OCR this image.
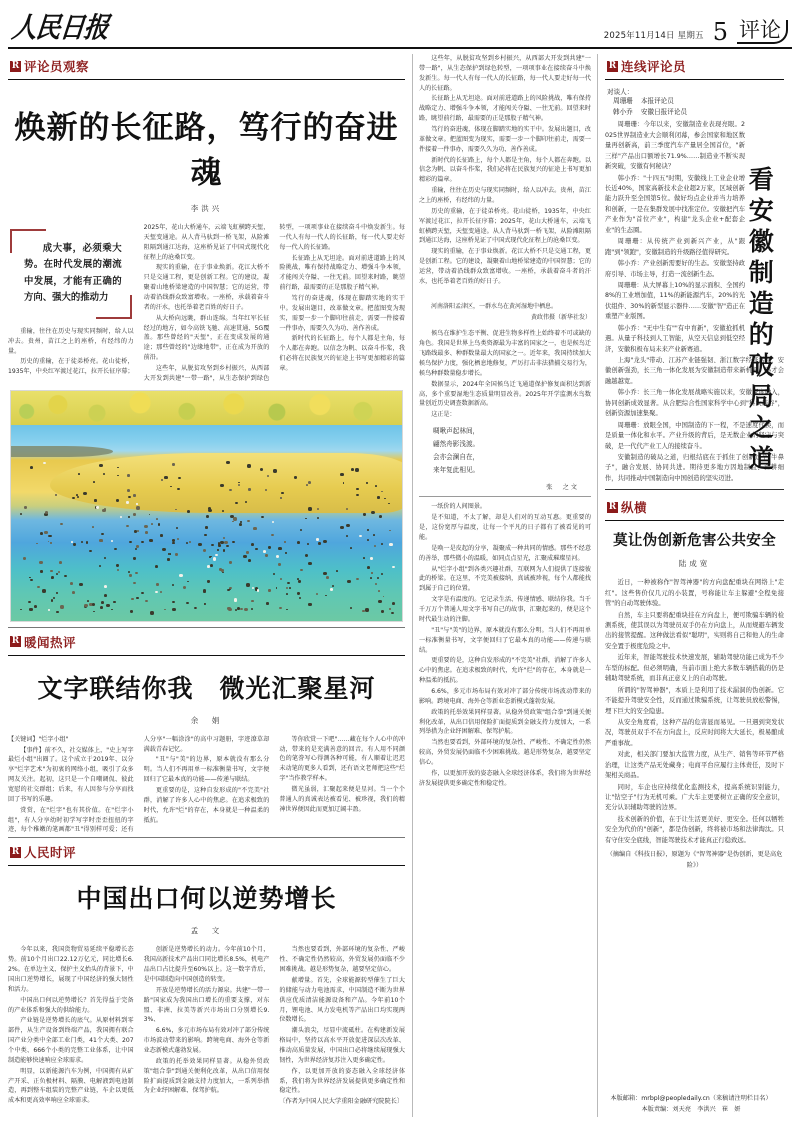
人民日报	2025年11月14日 星期五 5 评论
R 评论员观察
焕新的长征路，笃行的奋进魂
李洪兴
成大事，必须乘大势。在时代发展的潮流中发展，才能有正确的方向、强大的推动力

重输，往往在历史与现实同频时，给人以冲去。贵州，苗江之上的座桥，有经纬的力量。

历史的重输，在于徒弟桥亮。花山徒桥，1935年，中央红军渡过花江，拉开长征序幕；2025年，花山大桥通车，云端飞虹横跨天堑，天堑变通途。从人背马驮到一桥飞架，从险滩阻隔到通江达海，这座桥见证了中国式现代化征程上的沧桑巨变。

现实的重输，在于事业焕新。花江大桥不只是交通工程，更是创新工程。它的建设，凝聚着山地桥梁建造的中国智慧；它的运营，带动着沿线群众致富增收。一座桥，承载着奋斗者的汗水，也托举着老百姓的好日子。

从大桥向远眺，群山连绵。当年红军长征经过的地方，如今高铁飞驰、高速贯通、5G覆盖。那些曾经的"天堑"，正在变成发展的通途；那些曾经的"边缘地带"，正在成为开放的前沿。

这些年，从脱贫攻坚到乡村振兴，从西部大开发到共建"一带一路"，从生态保护到绿色转型，一项项事业在接续奋斗中焕发新生。每一代人有每一代人的长征路，每一代人要走好每一代人的长征路。

长征路上从无坦途。面对前进道路上的风险挑战，唯有保持战略定力、增强斗争本领，才能闯关夺隘、一往无前。回望来时路，眺望前行路，最需要的正是那股子精气神。

笃行的奋进魂，体现在脚踏实地的实干中。发展出题目，改革做文章。把蓝图变为现实，需要一步一个脚印往前走，需要一件接着一件事办，需要久久为功、善作善成。

新时代的长征路上，每个人都是主角，每个人都在奔跑。以信念为帆、以奋斗作桨，我们必将在民族复兴的征途上书写更加精彩的篇章。

R 暖闻热评
文字联结你我　微光汇聚星河
余　娟

【关键词】"烂字小组"

【事件】前不久，社交媒体上，"史上写字最烂小组"出圈了。这个成立于2019年、以分享"烂字艺术"为初衷的网络小组，吸引了众多网友关注。起初，这只是一个自嘲调侃、彼此宽慰的社交群组；后来，有人因参与分享而找回了书写的乐趣。

赏赏，在"烂字"也有其价值。在"烂字小组"，有人分享幼时初学写字时歪歪扭扭的字迹，每个稚嫩的笔画都"丑"得别样可爱；还有人分享"一幅涂涂"的高中习题册，字迹潦草却满载青春记忆。

"丑"与"美"的边界，原本就没有那么分明。当人们不再用单一标准衡量书写，文字便回归了它最本真的功能——传递与联结。

更重要的是，这种自发形成的"不完美"社群，消解了许多人心中的焦虑。在追求极致的时代，允许"烂"的存在，本身就是一种温柔的抵抗。

等你欣赏一下吧"……藏在每个人心中的冲动，带来的是充满善意的回音。有人用不同颜色的笔誊写心得测各种可能，有人顺着让迟迟未动笔的更多人看到，还有语文老师把这些"烂字"当作教学样本。

微光虽弱，汇聚起来便是星河。当一个个普通人的真诚表达被看见、被珍视，我们的精神世界便因此而更加辽阔丰盈。

R 人民时评
中国出口何以逆势增长
孟　文

今年以来，我国货物贸易延续平稳增长态势。前10个月出口22.12万亿元，同比增长6.2%。在单边主义、保护主义抬头的背景下，中国出口逆势增长，展现了中国经济的强大韧性和活力。

中国出口何以逆势增长？首先得益于完备的产业体系和强大的供给能力。

产业链是逆势增长的底气。从原材料到零部件，从生产设备到终端产品，我国拥有联合国产业分类中全部工业门类，41个大类、207个中类、666个小类的完整工业体系，让中国制造能够快速响应全球需求。

明显，以新能源汽车为例，中国拥有从矿产开采、正负极材料、隔膜、电解液到电池制造，再到整车组装的完整产业链，车企以更低成本和更高效率响应全球需求。

创新是逆势增长的动力。今年前10个月，我国高新技术产品出口同比增长8.5%，机电产品出口占比提升至60%以上。这一数字背后，是中国制造向中国创造的转变。

开放是逆势增长的活力源泉。共建"一带一路"国家成为我国出口增长的重要支撑，对东盟、非洲、拉美等新兴市场出口分别增长9.3%、

6.6%，多元市场布局有效对冲了部分传统市场波动带来的影响。跨境电商、海外仓等新业态新模式蓬勃发展。

政策的托举效果同样显著。从稳外贸政策"组合拳"到通关便利化改革，从出口信用保险扩面提质到金融支持力度加大，一系列举措为企业纾困解难、保驾护航。

当然也要看到，外部环境的复杂性、严峻性、不确定性仍然较高，外贸发展仍面临不少困难挑战。越是形势复杂，越要坚定信心。

献增量。首先，全球能源转型催生了巨大的储能与动力电池需求，中国制造不断为世界供应优质清洁能源设备和产品。今年前10个月，锂电池、风力发电机等产品出口均实现两位数增长。

潮头浪尖，尽显中流砥柱。在构建新发展格局中，坚持以高水平开放促进深层次改革、推动高质量发展，中国出口必将继续展现强大韧性，为世界经济复苏注入更多确定性。

作，以更加开放的姿态融入全球经济体系，我们将为世界经济发展提供更多确定性和稳定性。

〔作者为中国人民大学重阳金融研究院院长〕

这些年，从脱贫攻坚到乡村振兴，从西部大开发到共建"一带一路"，从生态保护到绿色转型，一项项事业在接续奋斗中焕发新生。每一代人有每一代人的长征路，每一代人要走好每一代人的长征路。

长征路上从无坦途。面对前进道路上的风险挑战，唯有保持战略定力、增强斗争本领，才能闯关夺隘、一往无前。回望来时路，眺望前行路，最需要的正是那股子精气神。

笃行的奋进魂，体现在脚踏实地的实干中。发展出题目，改革做文章。把蓝图变为现实，需要一步一个脚印往前走，需要一件接着一件事办，需要久久为功、善作善成。

新时代的长征路上，每个人都是主角，每个人都在奔跑。以信念为帆、以奋斗作桨，我们必将在民族复兴的征途上书写更加精彩的篇章。

重输，往往在历史与现实同频时，给人以冲去。贵州，苗江之上的座桥，有经纬的力量。

历史的重输，在于徒弟桥亮。花山徒桥，1935年，中央红军渡过花江，拉开长征序幕；2025年，花山大桥通车，云端飞虹横跨天堑，天堑变通途。从人背马驮到一桥飞架，从险滩阻隔到通江达海，这座桥见证了中国式现代化征程上的沧桑巨变。

现实的重输，在于事业焕新。花江大桥不只是交通工程，更是创新工程。它的建设，凝聚着山地桥梁建造的中国智慧；它的运营，带动着沿线群众致富增收。一座桥，承载着奋斗者的汗水，也托举着老百姓的好日子。

河南洛阳孟津区，一群水鸟在黄河湿地中栖息。

黄政伟摄（新华社发）

候鸟在维护生态平衡、促进生物多样性上始终着不可或缺的角色。我国是世界上鸟类资源最为丰富的国家之一，也是候鸟迁飞路线最多、种群数量最大的国家之一。近年来，我国持续加大候鸟保护力度，强化栖息地修复，严厉打击非法猎捕交易行为，候鸟种群数量稳步增长。

数据显示，2024年全国候鸟迁飞通道保护修复面积达到新高，多个重要湿地生态质量明显改善。2025年开学监测水鸟数量创近历史调查数据新高。

这正是：

啁啾声起林间，
翩然舟影浅渡。
会亦会澜自在，
来年复此相见。
张　之文

一纸价的人间图景。

是不知道，不太了解，却是人们对的互动互惠。更重要的是，这份宽厚与温度，让每一个平凡的日子都有了被看见的可能。

是唤一是皮起的分享，凝聚成一种共同的情感。那些不经意的善举，那些微小的温暖，如同点点星光，汇聚成璀璨星河。

从"烂字小组"到各类兴趣社群，互联网为人们提供了连接彼此的桥梁。在这里，不完美被接纳，真诚被珍视，每个人都能找到属于自己的位置。

文字是有温度的。它记录生活、传递情感、联结你我。当千千万万个普通人用文字书写自己的故事，汇聚起来的，便是这个时代最生动的注脚。

"丑"与"美"的边界，原本就没有那么分明。当人们不再用单一标准衡量书写，文字便回归了它最本真的功能——传递与联结。

更重要的是，这种自发形成的"不完美"社群，消解了许多人心中的焦虑。在追求极致的时代，允许"烂"的存在，本身就是一种温柔的抵抗。

6.6%，多元市场布局有效对冲了部分传统市场波动带来的影响。跨境电商、海外仓等新业态新模式蓬勃发展。

政策的托举效果同样显著。从稳外贸政策"组合拳"到通关便利化改革，从出口信用保险扩面提质到金融支持力度加大，一系列举措为企业纾困解难、保驾护航。

当然也要看到，外部环境的复杂性、严峻性、不确定性仍然较高，外贸发展仍面临不少困难挑战。越是形势复杂，越要坚定信心。

作，以更加开放的姿态融入全球经济体系，我们将为世界经济发展提供更多确定性和稳定性。

R 连线评论员
对谈人：
周珊珊 本报评论员
韩小乔 安徽日报评论员
看安徽制造的破局之道

周珊珊：今年以来，安徽制造业表现亮眼。2025世界制造业大会顺利闭幕，参会国家和地区数量再创新高，前三季度汽车产量居全国首位，"新三样"产品出口额增长71.9%……制造业不断实现新突破，安徽有何秘诀？

韩小乔："十四五"时期，安徽线上工业企业增长近40%，国家高新技术企业超2万家，区域创新能力跃升至全国第5位。做好均点企业并当力培养和创新，一是在集群发展中找准定位。安徽把汽车产业作为"首位产业"，构建"龙头企业+配套企业"的生态圈。

周珊珊：从传统产业到新兴产业，从"跟跑"到"领跑"，安徽制造的升级路径值得研究。

韩小乔：产业创新需要好的生态。安徽坚持政府引导、市场主导，打造一流创新生态。

周珊珊：从大屏幕上10%的显示面积、全国约8%的工业增加值，11%的新能源汽车，20%的光伏组件、30%的新型显示器件……安徽"智"造正在重塑产业版图。

韩小乔："无中生有""有中育新"，安徽抢抓机遇。从量子科技到人工智能，从空天信息到低空经济，安徽积极布局未来产业新赛道。

上海"龙头"带动、江苏产业链强韧、浙江数字经济活跃、安徽创新强劲，长三角一体化发展为安徽制造带来新机遇，路才会融越越宽。

韩小乔：长三角一体化发展战略实施以来，安徽深度融入，协同创新成效显著。从合肥综合性国家科学中心到"科大硅谷"，创新资源加速集聚。

周珊珊：放眼全国，中国制造的下一程，不是速度代换，而是质量一体化和水平。产业升级的背后，是无数企业的坚守与突破，是一代代产业工人的接续奋斗。

安徽制造的破局之道，归根结底在于抓住了创新这个"牛鼻子"，融合发展、协同共进。期待更多地方因地制宜、深耕细作，共同推动中国制造向中国创造的坚实迈进。

R 纵横
莫让伪创新危害公共安全
陆成宽

近日，一种被称作"智驾神器"的方向盘配重块在网络上"走红"。这些售价仅几元的小装置，号称能让车主躲避"全程免接管"的自动驾驶体验。

自然，车主只要将配重块挂在方向盘上，便可欺骗车辆的检测系统，使其误以为驾驶员双手仍在方向盘上，从而规避车辆发出的接管提醒。这种做法看似"聪明"，实则将自己和他人的生命安全置于极度危险之中。

近年来，智能驾驶技术快速发展，辅助驾驶功能已成为不少车型的标配。但必须明确，当前市面上绝大多数车辆搭载的仍是辅助驾驶系统，而非真正意义上的自动驾驶。

所谓的"智驾神器"，本质上是利用了技术漏洞的伪创新。它不能提升驾驶安全性，反而通过欺骗系统，让驾驶员放松警惕，埋下巨大的安全隐患。

从安全角度看，这种产品的危害显而易见。一旦遇到突发状况，驾驶员双手不在方向盘上，反应时间将大大延长，极易酿成严重事故。

对此，相关部门要加大监管力度，从生产、销售等环节严格治理，让这类产品无处藏身；电商平台应履行主体责任，及时下架相关商品。

同时，车企也应持续优化监测技术，提高系统识别能力，让"钻空子"行为无机可乘。广大车主更要树立正确的安全意识，充分认识辅助驾驶的边界。

技术创新的价值，在于让生活更美好、更安全。任何以牺牲安全为代价的"创新"，都是伪创新，终将被市场和法律淘汰。只有守住安全底线，智能驾驶技术才能真正行稳致远。

（摘编自《科技日报》，原题为《"智驾神器"是伪创新，更是高危险》）

本版邮箱：mrbpl@peopledaily.cn（来稿请注明栏目名）
本版责编：刘天亮　李洪兴　崔　妍
